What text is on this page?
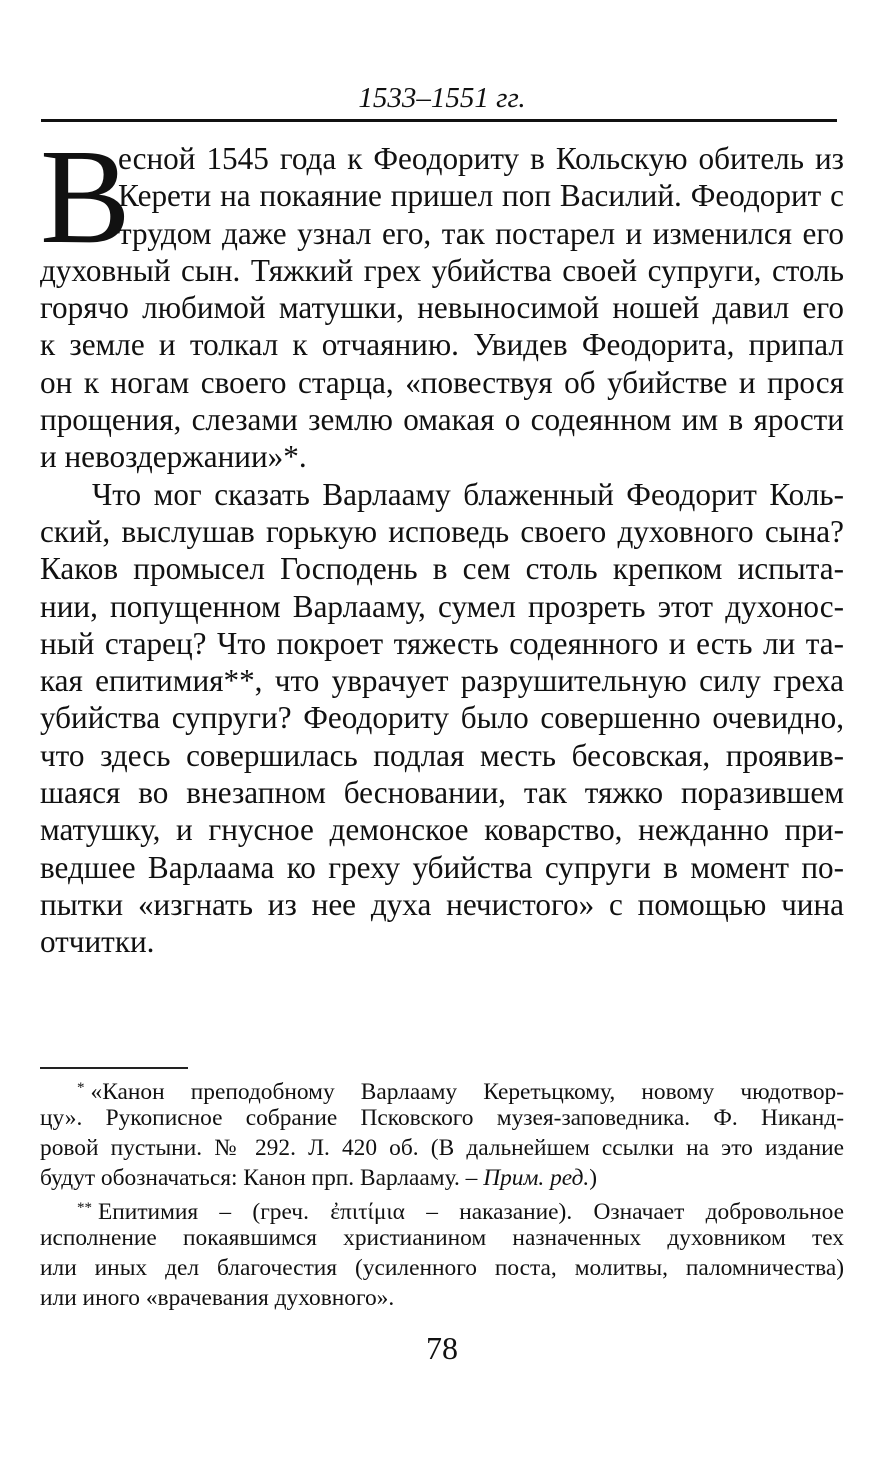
1533–1551 гг.

В
есной 1545 года к Феодориту в Кольскую обитель из
Керети на покаяние пришел поп Василий. Феодорит с
трудом даже узнал его, так постарел и изменился его
духовный сын. Тяжкий грех убийства своей супруги, столь
горячо любимой матушки, невыносимой ношей давил его
к земле и толкал к отчаянию. Увидев Феодорита, припал
он к ногам своего старца, «повествуя об убийстве и прося
прощения, слезами землю омакая о содеянном им в ярости
и невоздержании»*.

Что мог сказать Варлааму блаженный Феодорит Коль-
ский, выслушав горькую исповедь своего духовного сына?
Каков промысел Господень в сем столь крепком испыта-
нии, попущенном Варлааму, сумел прозреть этот духонос-
ный старец? Что покроет тяжесть содеянного и есть ли та-
кая епитимия**, что уврачует разрушительную силу греха
убийства супруги? Феодориту было совершенно очевидно,
что здесь совершилась подлая месть бесовская, проявив-
шаяся во внезапном бесновании, так тяжко поразившем
матушку, и гнусное демонское коварство, нежданно при-
ведшее Варлаама ко греху убийства супруги в момент по-
пытки «изгнать из нее духа нечистого» с помощью чина
отчитки.

* «Канон преподобному Варлааму Керетьцкому, новому чюдотвор-
цу». Рукописное собрание Псковского музея-заповедника. Ф. Никанд-
ровой пустыни. № 292. Л. 420 об. (В дальнейшем ссылки на это издание
будут обозначаться: Канон прп. Варлааму. – Прим. ред.)

** Епитимия – (греч. ἐπιτίμια – наказание). Означает добровольное
исполнение покаявшимся христианином назначенных духовником тех
или иных дел благочестия (усиленного поста, молитвы, паломничества)
или иного «врачевания духовного».

78
